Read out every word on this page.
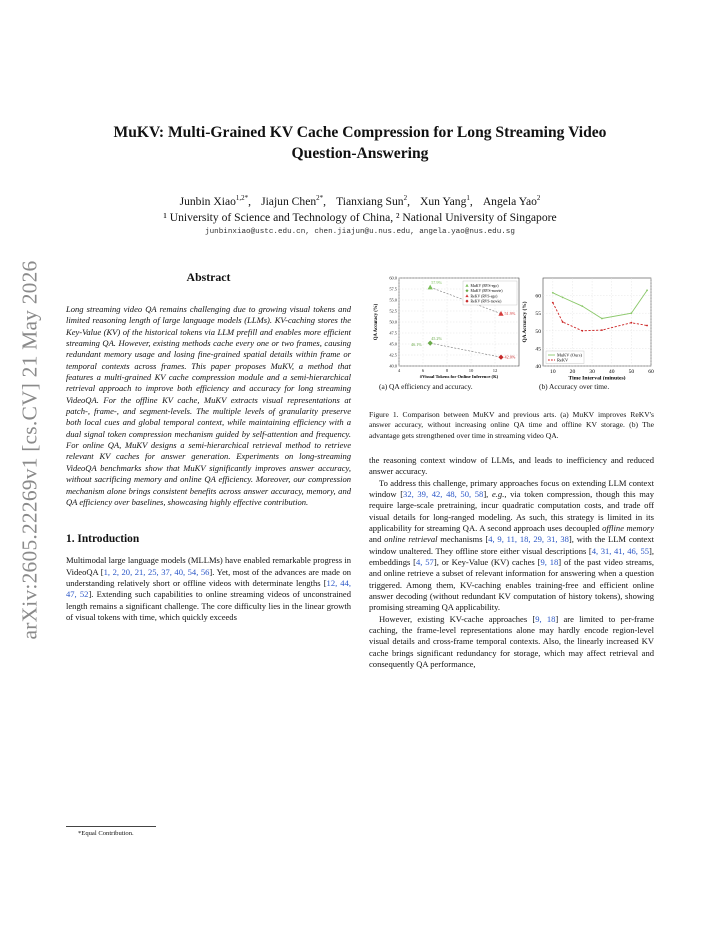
arXiv:2605.22269v1 [cs.CV] 21 May 2026
MuKV: Multi-Grained KV Cache Compression for Long Streaming Video Question-Answering
Junbin Xiao$^{1,2*}$, Jiajun Chen$^{2*}$, Tianxiang Sun$^2$, Xun Yang$^1$, Angela Yao$^2$
¹ University of Science and Technology of China, ² National University of Singapore
junbinxiao@ustc.edu.cn, chen.jiajun@u.nus.edu, angela.yao@nus.edu.sg
Abstract

Long streaming video QA remains challenging due to growing visual tokens and limited reasoning length of large language models (LLMs). KV-caching stores the Key-Value (KV) of the historical tokens via LLM prefill and enables more efficient streaming QA. However, existing methods cache every one or two frames, causing redundant memory usage and losing fine-grained spatial details within frame or temporal contexts across frames. This paper proposes MuKV, a method that features a multi-grained KV cache compression module and a semi-hierarchical retrieval approach to improve both efficiency and accuracy for long streaming VideoQA. For the offline KV cache, MuKV extracts visual representations at patch-, frame-, and segment-levels. The multiple levels of granularity preserve both local cues and global temporal context, while maintaining efficiency with a dual signal token compression mechanism guided by self-attention and frequency. For online QA, MuKV designs a semi-hierarchical retrieval method to retrieve relevant KV caches for answer generation. Experiments on long-streaming VideoQA benchmarks show that MuKV significantly improves answer accuracy, without sacrificing memory and online QA efficiency. Moreover, our compression mechanism alone brings consistent benefits across answer accuracy, memory, and QA efficiency over baselines, showcasing highly effective contribution.

1. Introduction

Multimodal large language models (MLLMs) have enabled remarkable progress in VideoQA [1, 2, 20, 21, 25, 37, 40, 54, 56]. Yet, most of the advances are made on understanding relatively short or offline videos with determinate lengths [12, 44, 47, 52]. Extending such capabilities to online streaming videos of unconstrained length remains a significant challenge. The core difficulty lies in the linear growth of visual tokens with time, which quickly exceeds

*Equal Contribution.
40.0
42.5
45.0
47.5
50.0
52.5
55.0
57.5
60.0
4	6	8	10	12
#Visual Tokens for Online Inference (K)
QA Accuracy (%)
57.9%
45.2%
51.9%
42.0%
46.1%
MuKV (RVS-ego)
MuKV (RVS-movie)
ReKV (RVS-ego)
ReKV (RVS-movie)
(a) QA efficiency and accuracy.
40
45
50
55
60
10	20	30	40	50	60
Time Interval (minutes)
QA Accuracy (%)
MuKV (Ours)
ReKV
(b) Accuracy over time.

Figure 1. Comparison between MuKV and previous arts. (a) MuKV improves ReKV's answer accuracy, without increasing online QA time and offline KV storage. (b) The advantage gets strengthened over time in streaming video QA.

the reasoning context window of LLMs, and leads to inefficiency and reduced answer accuracy.

To address this challenge, primary approaches focus on extending LLM context window [32, 39, 42, 48, 50, 58], e.g., via token compression, though this may require large-scale pretraining, incur quadratic computation costs, and trade off visual details for long-ranged modeling. As such, this strategy is limited in its applicability for streaming QA. A second approach uses decoupled offline memory and online retrieval mechanisms [4, 9, 11, 18, 29, 31, 38], with the LLM context window unaltered. They offline store either visual descriptions [4, 31, 41, 46, 55], embeddings [4, 57], or Key-Value (KV) caches [9, 18] of the past video streams, and online retrieve a subset of relevant information for answering when a question triggered. Among them, KV-caching enables training-free and efficient online answer decoding (without redundant KV computation of history tokens), showing promising streaming QA applicability.

However, existing KV-cache approaches [9, 18] are limited to per-frame caching, the frame-level representations alone may hardly encode region-level visual details and cross-frame temporal contexts. Also, the linearly increased KV cache brings significant redundancy for storage, which may affect retrieval and consequently QA performance,
